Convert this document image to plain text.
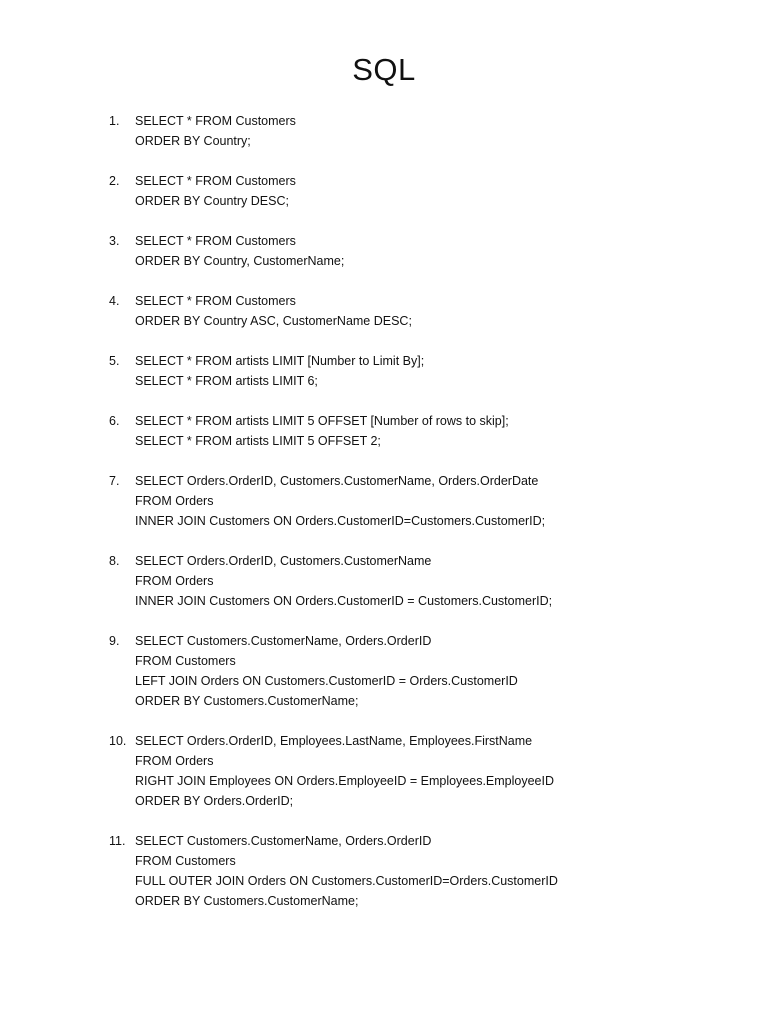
SQL
1.	SELECT * FROM Customers
ORDER BY Country;
2.	SELECT * FROM Customers
ORDER BY Country DESC;
3.	SELECT * FROM Customers
ORDER BY Country, CustomerName;
4.	SELECT * FROM Customers
ORDER BY Country ASC, CustomerName DESC;
5.	SELECT * FROM artists LIMIT [Number to Limit By];
SELECT * FROM artists LIMIT 6;
6.	SELECT * FROM artists LIMIT 5 OFFSET [Number of rows to skip];
SELECT * FROM artists LIMIT 5 OFFSET 2;
7.	SELECT Orders.OrderID, Customers.CustomerName, Orders.OrderDate
FROM Orders
INNER JOIN Customers ON Orders.CustomerID=Customers.CustomerID;
8.	SELECT Orders.OrderID, Customers.CustomerName
FROM Orders
INNER JOIN Customers ON Orders.CustomerID = Customers.CustomerID;
9.	SELECT Customers.CustomerName, Orders.OrderID
FROM Customers
LEFT JOIN Orders ON Customers.CustomerID = Orders.CustomerID
ORDER BY Customers.CustomerName;
10. SELECT Orders.OrderID, Employees.LastName, Employees.FirstName
FROM Orders
RIGHT JOIN Employees ON Orders.EmployeeID = Employees.EmployeeID
ORDER BY Orders.OrderID;
11. SELECT Customers.CustomerName, Orders.OrderID
FROM Customers
FULL OUTER JOIN Orders ON Customers.CustomerID=Orders.CustomerID
ORDER BY Customers.CustomerName;
